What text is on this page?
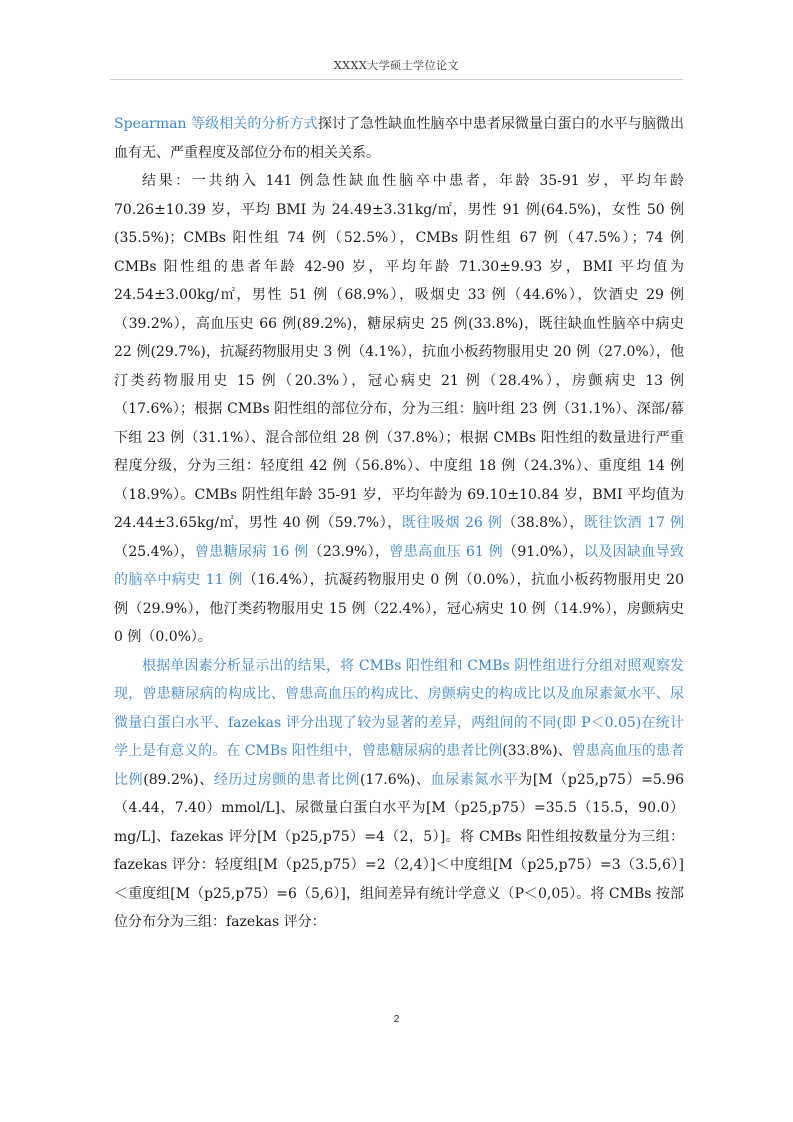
XXXX大学硕士学位论文

Spearman 等级相关的分析方式探讨了急性缺血性脑卒中患者尿微量白蛋白的水平与脑微出血有无、严重程度及部位分布的相关关系。

结果：一共纳入 141 例急性缺血性脑卒中患者，年龄 35-91 岁，平均年龄 70.26±10.39 岁，平均 BMI 为 24.49±3.31kg/㎡，男性 91 例(64.5%)，女性 50 例(35.5%)；CMBs 阳性组 74 例（52.5%），CMBs 阴性组 67 例（47.5%）；74 例 CMBs 阳性组的患者年龄 42-90 岁，平均年龄 71.30±9.93 岁，BMI 平均值为 24.54±3.00kg/㎡，男性 51 例（68.9%），吸烟史 33 例（44.6%），饮酒史 29 例（39.2%），高血压史 66 例(89.2%)，糖尿病史 25 例(33.8%)，既往缺血性脑卒中病史 22 例(29.7%)，抗凝药物服用史 3 例（4.1%），抗血小板药物服用史 20 例（27.0%），他汀类药物服用史 15 例（20.3%），冠心病史 21 例（28.4%），房颤病史 13 例（17.6%）；根据 CMBs 阳性组的部位分布，分为三组：脑叶组 23 例（31.1%）、深部/幕下组 23 例（31.1%）、混合部位组 28 例（37.8%）；根据 CMBs 阳性组的数量进行严重程度分级，分为三组：轻度组 42 例（56.8%）、中度组 18 例（24.3%）、重度组 14 例（18.9%）。CMBs 阴性组年龄 35-91 岁，平均年龄为 69.10±10.84 岁，BMI 平均值为 24.44±3.65kg/㎡，男性 40 例（59.7%），既往吸烟 26 例（38.8%），既往饮酒 17 例（25.4%），曾患糖尿病 16 例（23.9%），曾患高血压 61 例（91.0%），以及因缺血导致的脑卒中病史 11 例（16.4%），抗凝药物服用史 0 例（0.0%），抗血小板药物服用史 20 例（29.9%），他汀类药物服用史 15 例（22.4%），冠心病史 10 例（14.9%），房颤病史 0 例（0.0%）。

根据单因素分析显示出的结果，将 CMBs 阳性组和 CMBs 阴性组进行分组对照观察发现，曾患糖尿病的构成比、曾患高血压的构成比、房颤病史的构成比以及血尿素氮水平、尿微量白蛋白水平、fazekas 评分出现了较为显著的差异，两组间的不同(即 P＜0.05)在统计学上是有意义的。在 CMBs 阳性组中，曾患糖尿病的患者比例(33.8%)、曾患高血压的患者比例(89.2%)、经历过房颤的患者比例(17.6%)、血尿素氮水平为[M（p25,p75）=5.96（4.44，7.40）mmol/L]、尿微量白蛋白水平为[M（p25,p75）=35.5（15.5，90.0）mg/L]、fazekas 评分[M（p25,p75）=4（2，5）]。将 CMBs 阳性组按数量分为三组：fazekas 评分：轻度组[M（p25,p75）=2（2,4）]＜中度组[M（p25,p75）=3（3.5,6）]＜重度组[M（p25,p75）=6（5,6）]，组间差异有统计学意义（P＜0,05）。将 CMBs 按部位分布分为三组：fazekas 评分：

2
